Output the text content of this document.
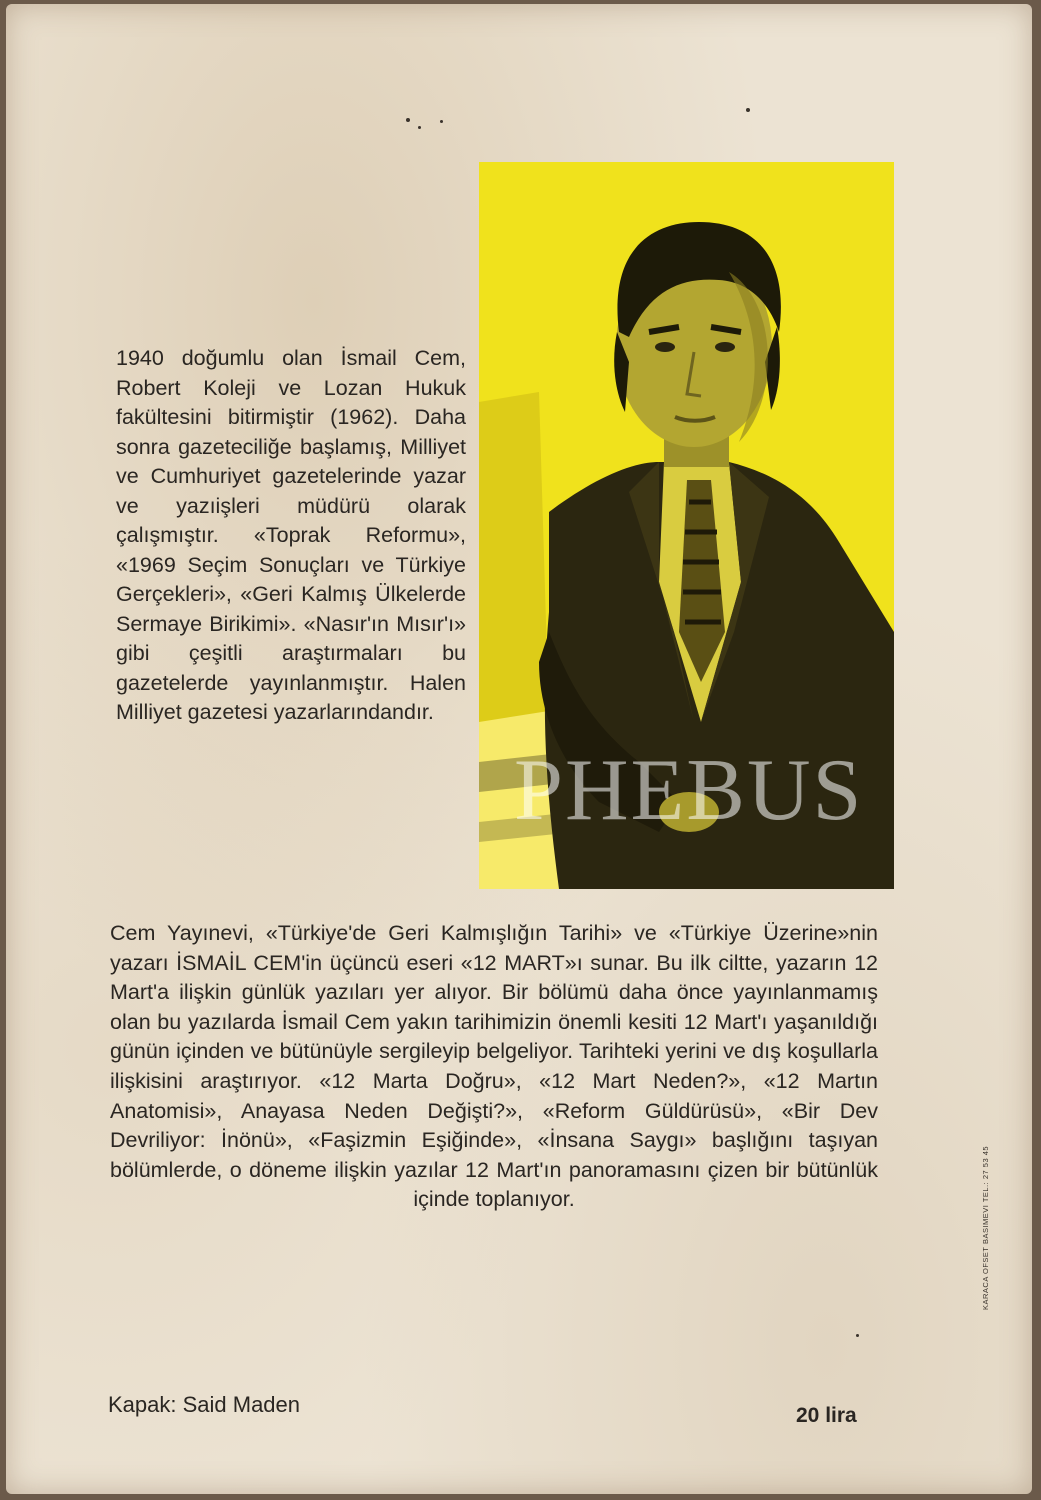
PHEBUS
1940 doğumlu olan İsmail Cem, Robert Koleji ve Lozan Hukuk fakültesini bitirmiştir (1962). Daha sonra gazeteciliğe başlamış, Milliyet ve Cumhuriyet gazetelerinde yazar ve yazıişleri müdürü olarak çalışmıştır. «Toprak Reformu», «1969 Seçim Sonuçları ve Türkiye Gerçekleri», «Geri Kalmış Ülkelerde Sermaye Birikimi». «Nasır'ın Mısır'ı» gibi çeşitli araştırmaları bu gazetelerde yayınlanmıştır. Halen Milliyet gazetesi yazarlarındandır.
Cem Yayınevi, «Türkiye'de Geri Kalmışlığın Tarihi» ve «Türkiye Üzerine»nin yazarı İSMAİL CEM'in üçüncü eseri «12 MART»ı sunar. Bu ilk ciltte, yazarın 12 Mart'a ilişkin günlük yazıları yer alıyor. Bir bölümü daha önce yayınlanmamış olan bu yazılarda İsmail Cem yakın tarihimizin önemli kesiti 12 Mart'ı yaşanıldığı günün içinden ve bütünüyle sergileyip belgeliyor. Tarihteki yerini ve dış koşullarla ilişkisini araştırıyor. «12 Marta Doğru», «12 Mart Neden?», «12 Martın Anatomisi», Anayasa Neden Değişti?», «Reform Güldürüsü», «Bir Dev Devriliyor: İnönü», «Faşizmin Eşiğinde», «İnsana Saygı» başlığını taşıyan bölümlerde, o döneme ilişkin yazılar 12 Mart'ın panoramasını çizen bir bütünlük içinde toplanıyor.
Kapak: Said Maden	20 lira
KARACA OFSET BASIMEVI TEL.: 27 53 45
